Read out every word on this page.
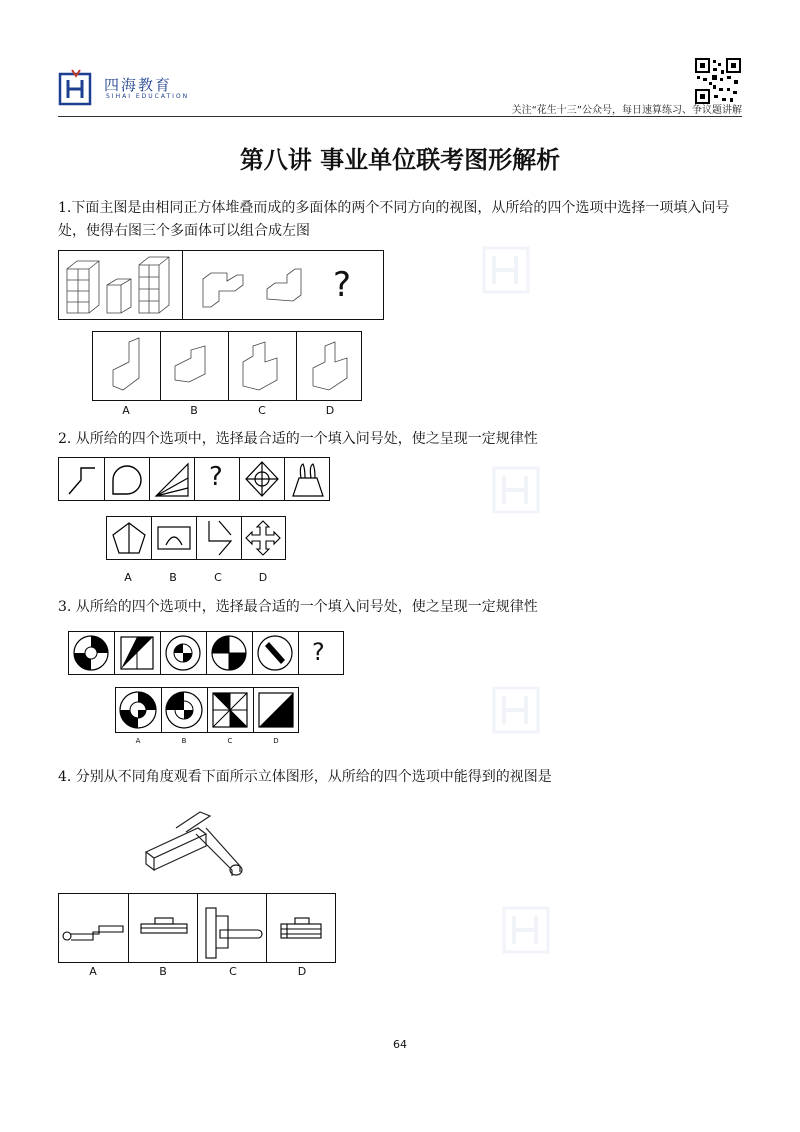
四海教育
SIHAI EDUCATION
关注“花生十三”公众号，每日速算练习、争议题讲解
第八讲 事业单位联考图形解析
1.下面主图是由相同正方体堆叠而成的多面体的两个不同方向的视图，从所给的四个选项中选择一项填入问号处，使得右图三个多面体可以组合成左图
?
A	B	C	D
2. 从所给的四个选项中，选择最合适的一个填入问号处，使之呈现一定规律性
?
A	B	C	D
3. 从所给的四个选项中，选择最合适的一个填入问号处，使之呈现一定规律性
?
A	B	C	D
4. 分别从不同角度观看下面所示立体图形，从所给的四个选项中能得到的视图是
A	B	C	D
64
